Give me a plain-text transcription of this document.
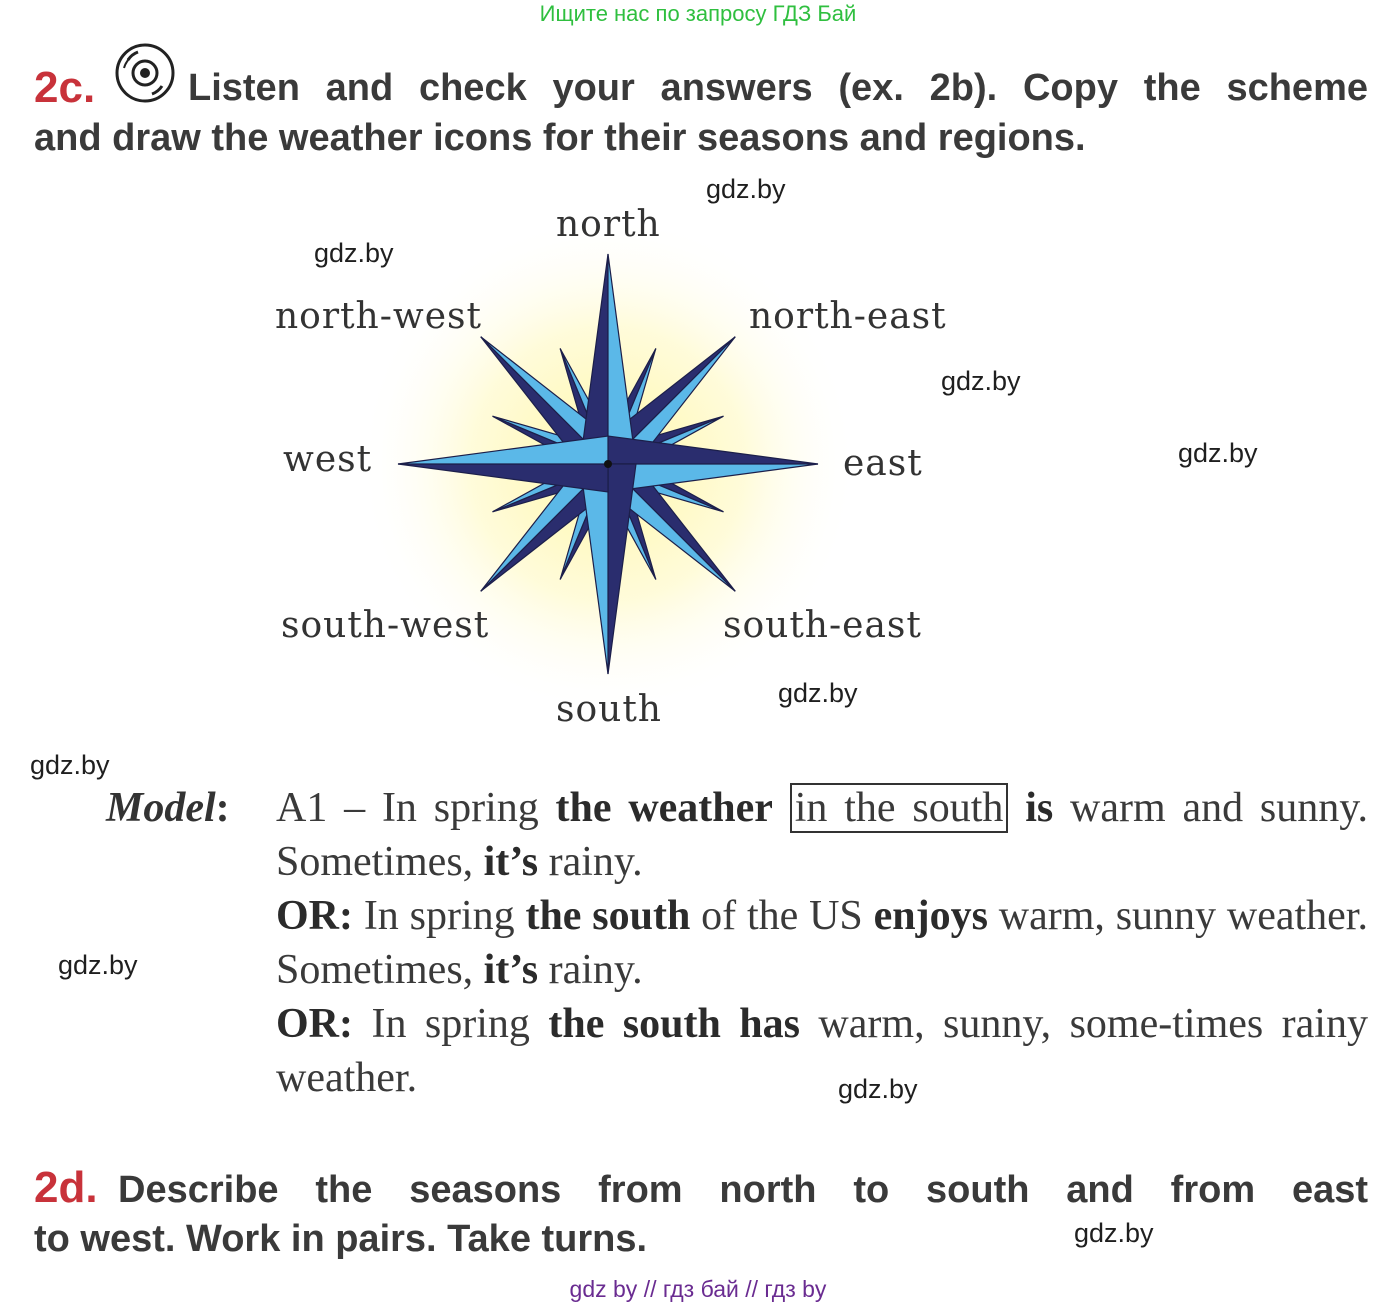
Ищите нас по запросу ГДЗ Бай
2c. Listen and check your answers (ex. 2b). Copy the scheme
and draw the weather icons for their seasons and regions.
north
north-west	north-east
west	east
south-west	south-east
south
gdz.by
gdz.by
gdz.by
gdz.by
gdz.by
gdz.by
gdz.by
gdz.by
gdz.by
Model: A1 – In spring the weather in the south is warm and sunny. Sometimes, it’s rainy.
OR: In spring the south of the US enjoys warm, sunny weather. Sometimes, it’s rainy.
OR: In spring the south has warm, sunny, some-times rainy weather.
2d. Describe the seasons from north to south and from east
to west. Work in pairs. Take turns.
gdz by // гдз бай // гдз by
